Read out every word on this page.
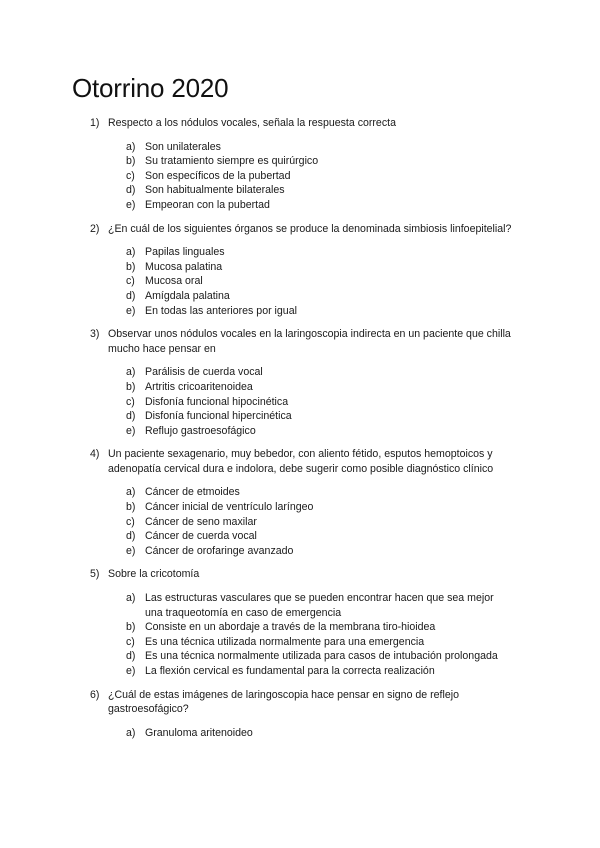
Otorrino 2020
1) Respecto a los nódulos vocales, señala la respuesta correcta
a) Son unilaterales
b) Su tratamiento siempre es quirúrgico
c) Son específicos de la pubertad
d) Son habitualmente bilaterales
e) Empeoran con la pubertad
2) ¿En cuál de los siguientes órganos se produce la denominada simbiosis linfoepitelial?
a) Papilas linguales
b) Mucosa palatina
c) Mucosa oral
d) Amígdala palatina
e) En todas las anteriores por igual
3) Observar unos nódulos vocales en la laringoscopia indirecta en un paciente que chilla mucho hace pensar en
a) Parálisis de cuerda vocal
b) Artritis cricoaritenoidea
c) Disfonía funcional hipocinética
d) Disfonía funcional hipercinética
e) Reflujo gastroesofágico
4) Un paciente sexagenario, muy bebedor, con aliento fétido, esputos hemoptoicos y adenopatía cervical dura e indolora, debe sugerir como posible diagnóstico clínico
a) Cáncer de etmoides
b) Cáncer inicial de ventrículo laríngeo
c) Cáncer de seno maxilar
d) Cáncer de cuerda vocal
e) Cáncer de orofaringe avanzado
5) Sobre la cricotomía
a) Las estructuras vasculares que se pueden encontrar hacen que sea mejor una traqueotomía en caso de emergencia
b) Consiste en un abordaje a través de la membrana tiro-hioidea
c) Es una técnica utilizada normalmente para una emergencia
d) Es una técnica normalmente utilizada para casos de intubación prolongada
e) La flexión cervical es fundamental para la correcta realización
6) ¿Cuál de estas imágenes de laringoscopia hace pensar en signo de reflejo gastroesofágico?
a) Granuloma aritenoideo
